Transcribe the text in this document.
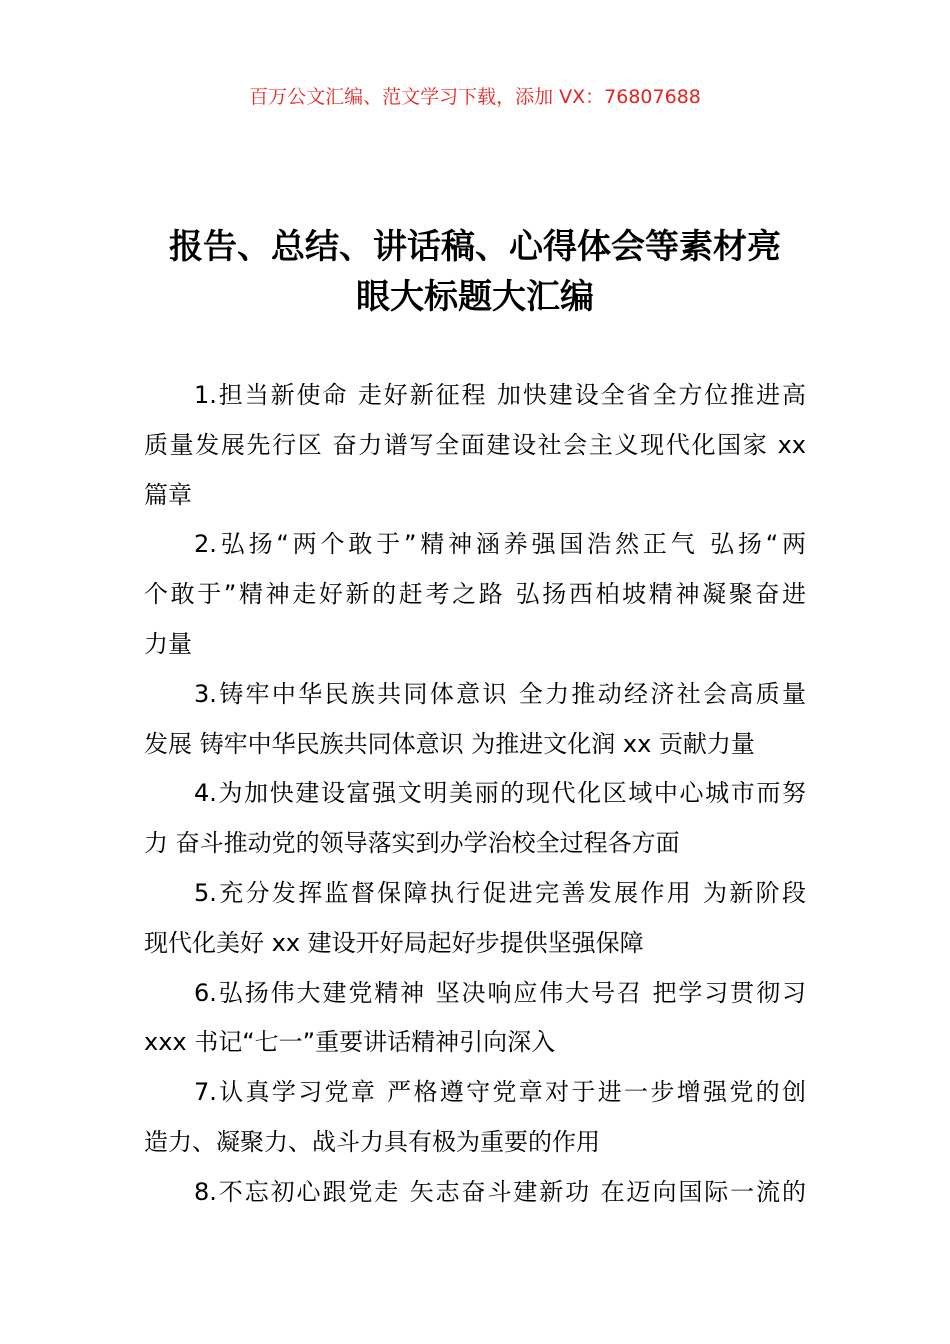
百万公文汇编、范文学习下载，添加 VX：76807688
报告、总结、讲话稿、心得体会等素材亮
眼大标题大汇编
1.担当新使命 走好新征程 加快建设全省全方位推进高
质量发展先行区 奋力谱写全面建设社会主义现代化国家 xx
篇章
2.弘扬“两个敢于”精神涵养强国浩然正气 弘扬“两
个敢于”精神走好新的赶考之路 弘扬西柏坡精神凝聚奋进
力量
3.铸牢中华民族共同体意识 全力推动经济社会高质量
发展 铸牢中华民族共同体意识 为推进文化润 xx 贡献力量
4.为加快建设富强文明美丽的现代化区域中心城市而努
力 奋斗推动党的领导落实到办学治校全过程各方面
5.充分发挥监督保障执行促进完善发展作用 为新阶段
现代化美好 xx 建设开好局起好步提供坚强保障
6.弘扬伟大建党精神 坚决响应伟大号召 把学习贯彻习
xxx 书记“七一”重要讲话精神引向深入
7.认真学习党章 严格遵守党章对于进一步增强党的创
造力、凝聚力、战斗力具有极为重要的作用
8.不忘初心跟党走 矢志奋斗建新功 在迈向国际一流的
